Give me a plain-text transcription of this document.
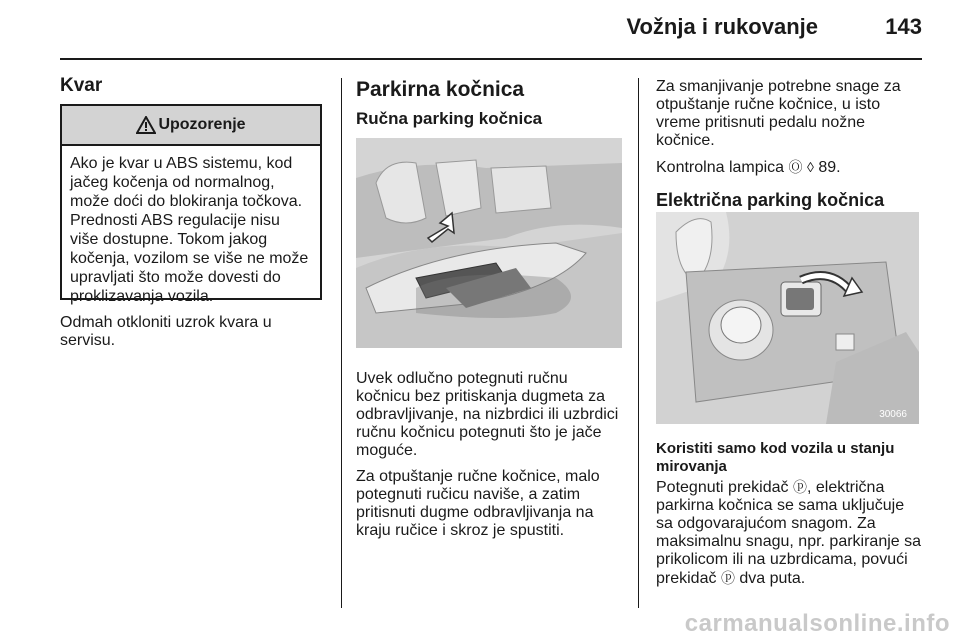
Vožnja i rukovanje	143
Kvar
Upozorenje
Ako je kvar u ABS sistemu, kod jačeg kočenja od normalnog, može doći do blokiranja točkova. Prednosti ABS regulacije nisu više dostupne. Tokom jakog kočenja, vozilom se više ne može upravljati što može dovesti do proklizavanja vozila.

Odmah otkloniti uzrok kvara u servisu.

Parkirna kočnica
Ručna parking kočnica

Uvek odlučno potegnuti ručnu kočnicu bez pritiskanja dugmeta za odbravljivanje, na nizbrdici ili uzbrdici ručnu kočnicu potegnuti što je jače moguće.

Za otpuštanje ručne kočnice, malo potegnuti ručicu naviše, a zatim pritisnuti dugme odbravljivanja na kraju ručice i skroz je spustiti.

Za smanjivanje potrebne snage za otpuštanje ručne kočnice, u isto vreme pritisnuti pedalu nožne kočnice.

Kontrolna lampica Ⓞ ◊ 89.

Električna parking kočnica
30066

Koristiti samo kod vozila u stanju mirovanja

Potegnuti prekidač ⓟ, električna parkirna kočnica se sama uključuje sa odgovarajućom snagom. Za maksimalnu snagu, npr. parkiranje sa prikolicom ili na uzbrdicama, povući prekidač ⓟ dva puta.

carmanualsonline.info
